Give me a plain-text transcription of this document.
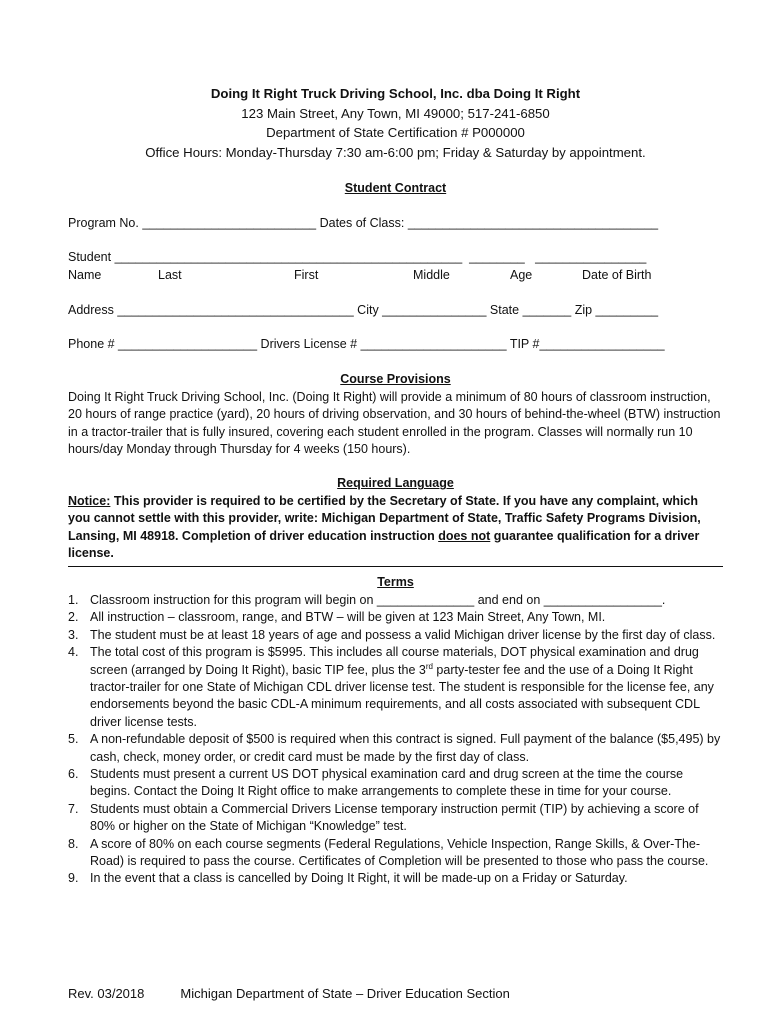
Doing It Right Truck Driving School, Inc. dba Doing It Right
123 Main Street, Any Town, MI 49000; 517-241-6850
Department of State Certification # P000000
Office Hours: Monday-Thursday 7:30 am-6:00 pm; Friday & Saturday by appointment.
Student Contract
Program No. _________________________ Dates of Class: ____________________________________
Student __________________________________________________  ________   ________________
Name	Last	First	Middle	Age	Date of Birth
Address __________________________________ City _______________ State _______ Zip _________
Phone # ____________________ Drivers License # _____________________ TIP #__________________
Course Provisions

Doing It Right Truck Driving School, Inc. (Doing It Right) will provide a minimum of 80 hours of classroom instruction, 20 hours of range practice (yard), 20 hours of driving observation, and 30 hours of behind-the-wheel (BTW) instruction in a tractor-trailer that is fully insured, covering each student enrolled in the program. Classes will normally run 10 hours/day Monday through Thursday for 4 weeks (150 hours).

Required Language

Notice: This provider is required to be certified by the Secretary of State. If you have any complaint, which you cannot settle with this provider, write: Michigan Department of State, Traffic Safety Programs Division, Lansing, MI 48918. Completion of driver education instruction does not guarantee qualification for a driver license.

Terms
1. Classroom instruction for this program will begin on ______________ and end on _________________.
2. All instruction – classroom, range, and BTW – will be given at 123 Main Street, Any Town, MI.
3. The student must be at least 18 years of age and possess a valid Michigan driver license by the first day of class.
4. The total cost of this program is $5995. This includes all course materials, DOT physical examination and drug screen (arranged by Doing It Right), basic TIP fee, plus the 3rd party-tester fee and the use of a Doing It Right tractor-trailer for one State of Michigan CDL driver license test. The student is responsible for the license fee, any endorsements beyond the basic CDL-A minimum requirements, and all costs associated with subsequent CDL driver license tests.
5. A non-refundable deposit of $500 is required when this contract is signed. Full payment of the balance ($5,495) by cash, check, money order, or credit card must be made by the first day of class.
6. Students must present a current US DOT physical examination card and drug screen at the time the course begins. Contact the Doing It Right office to make arrangements to complete these in time for your course.
7. Students must obtain a Commercial Drivers License temporary instruction permit (TIP) by achieving a score of 80% or higher on the State of Michigan “Knowledge” test.
8. A score of 80% on each course segments (Federal Regulations, Vehicle Inspection, Range Skills, & Over-The-Road) is required to pass the course. Certificates of Completion will be presented to those who pass the course.
9. In the event that a class is cancelled by Doing It Right, it will be made-up on a Friday or Saturday.
Rev. 03/2018	Michigan Department of State – Driver Education Section
